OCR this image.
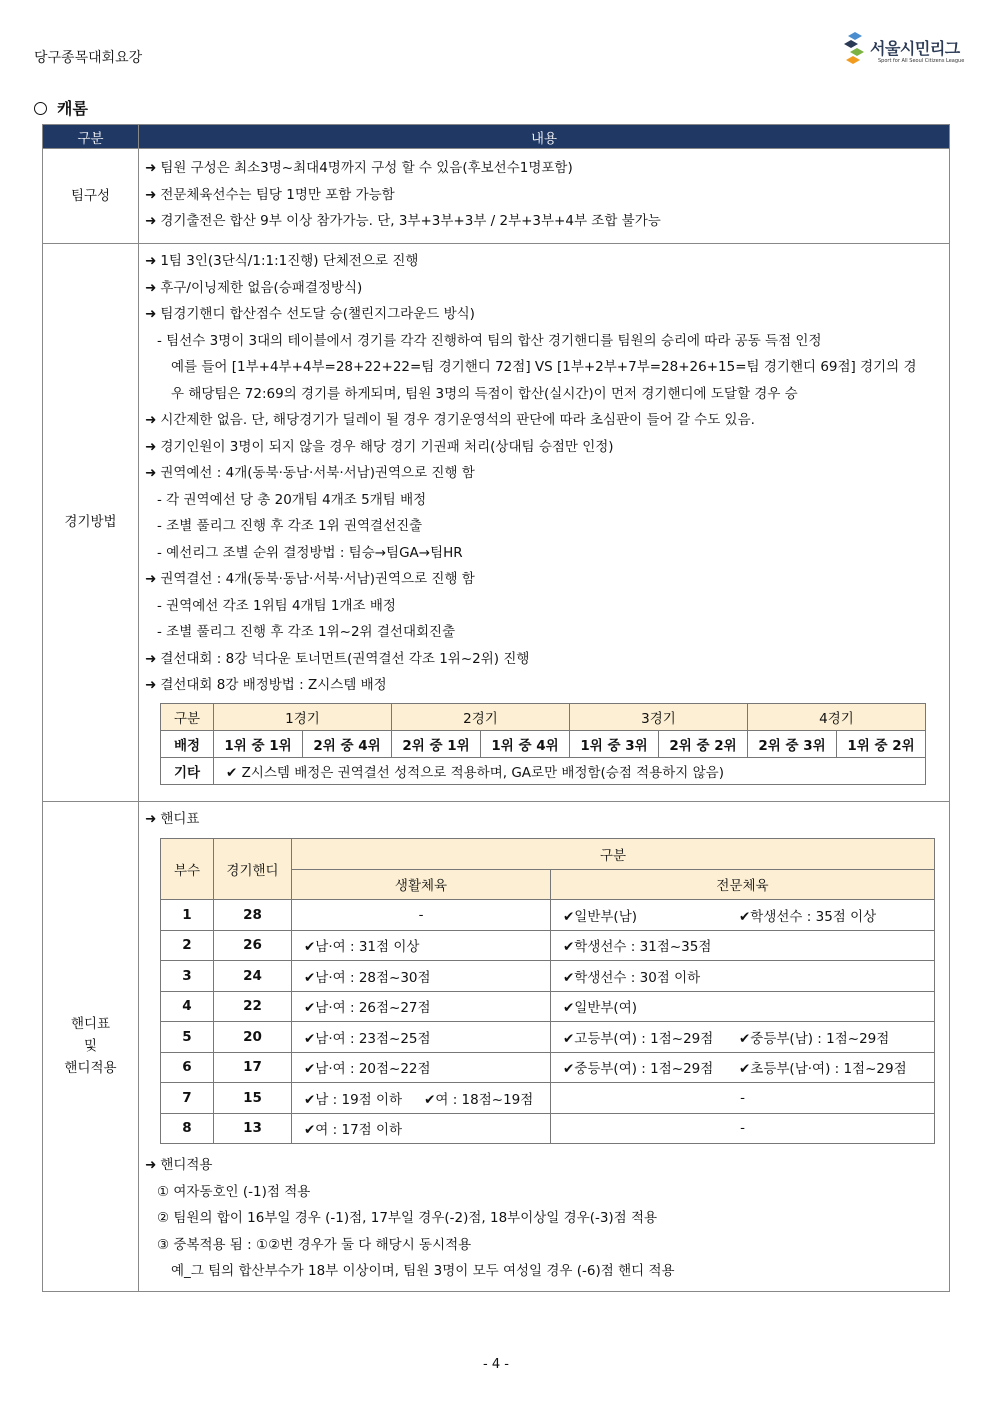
당구종목대회요강	서울시민리그
Sport for All Seoul Citizens League
캐롬
구분	내용
팀구성	
➜ 팀원 구성은 최소3명~최대4명까지 구성 할 수 있음(후보선수1명포함)
➜ 전문체육선수는 팀당 1명만 포함 가능함
➜ 경기출전은 합산 9부 이상 참가가능. 단, 3부+3부+3부 / 2부+3부+4부 조합 불가능

경기방법	
➜ 1팀 3인(3단식/1:1:1진행) 단체전으로 진행
➜ 후구/이닝제한 없음(승패결정방식)
➜ 팀경기핸디 합산점수 선도달 승(챌린지그라운드 방식)
- 팀선수 3명이 3대의 테이블에서 경기를 각각 진행하여 팀의 합산 경기핸디를 팀원의 승리에 따라 공동 득점 인정
예를 들어 [1부+4부+4부=28+22+22=팀 경기핸디 72점] VS [1부+2부+7부=28+26+15=팀 경기핸디 69점] 경기의 경
우 해당팀은 72:69의 경기를 하게되며, 팀원 3명의 득점이 합산(실시간)이 먼저 경기핸디에 도달할 경우 승
➜ 시간제한 없음. 단, 해당경기가 딜레이 될 경우 경기운영석의 판단에 따라 초심판이 들어 갈 수도 있음.
➜ 경기인원이 3명이 되지 않을 경우 해당 경기 기권패 처리(상대팀 승점만 인정)
➜ 권역예선 : 4개(동북·동남·서북·서남)권역으로 진행 함
- 각 권역예선 당 총 20개팀 4개조 5개팀 배정
- 조별 풀리그 진행 후 각조 1위 권역결선진출
- 예선리그 조별 순위 결정방법 : 팀승→팀GA→팀HR
➜ 권역결선 : 4개(동북·동남·서북·서남)권역으로 진행 함
- 권역예선 각조 1위팀 4개팀 1개조 배정
- 조별 풀리그 진행 후 각조 1위~2위 결선대회진출
➜ 결선대회 : 8강 넉다운 토너먼트(권역결선 각조 1위~2위) 진행
➜ 결선대회 8강 배정방법 : Z시스템 배정
구분	1경기	2경기	3경기	4경기
배정	1위 중 1위	2위 중 4위	2위 중 1위	1위 중 4위	1위 중 3위	2위 중 2위	2위 중 3위	1위 중 2위
기타	✔ Z시스템 배정은 권역결선 성적으로 적용하며, GA로만 배정함(승점 적용하지 않음)

핸디표
및
핸디적용

➜ 핸디표
부수	경기핸디	구분
생활체육	전문체육
1	28	-	✔일반부(남)	✔학생선수 : 35점 이상
2	26	✔남·여 : 31점 이상	✔학생선수 : 31점~35점
3	24	✔남·여 : 28점~30점	✔학생선수 : 30점 이하
4	22	✔남·여 : 26점~27점	✔일반부(여)
5	20	✔남·여 : 23점~25점	✔고등부(여) : 1점~29점 ✔중등부(남) : 1점~29점
6	17	✔남·여 : 20점~22점	✔중등부(여) : 1점~29점 ✔초등부(남·여) : 1점~29점
7	15	✔남 : 19점 이하 ✔여 : 18점~19점	-
8	13	✔여 : 17점 이하	-
➜ 핸디적용
① 여자동호인 (-1)점 적용
② 팀원의 합이 16부일 경우 (-1)점, 17부일 경우(-2)점, 18부이상일 경우(-3)점 적용
③ 중복적용 됨 : ①②번 경우가 둘 다 해당시 동시적용
예_그 팀의 합산부수가 18부 이상이며, 팀원 3명이 모두 여성일 경우 (-6)점 핸디 적용
- 4 -
